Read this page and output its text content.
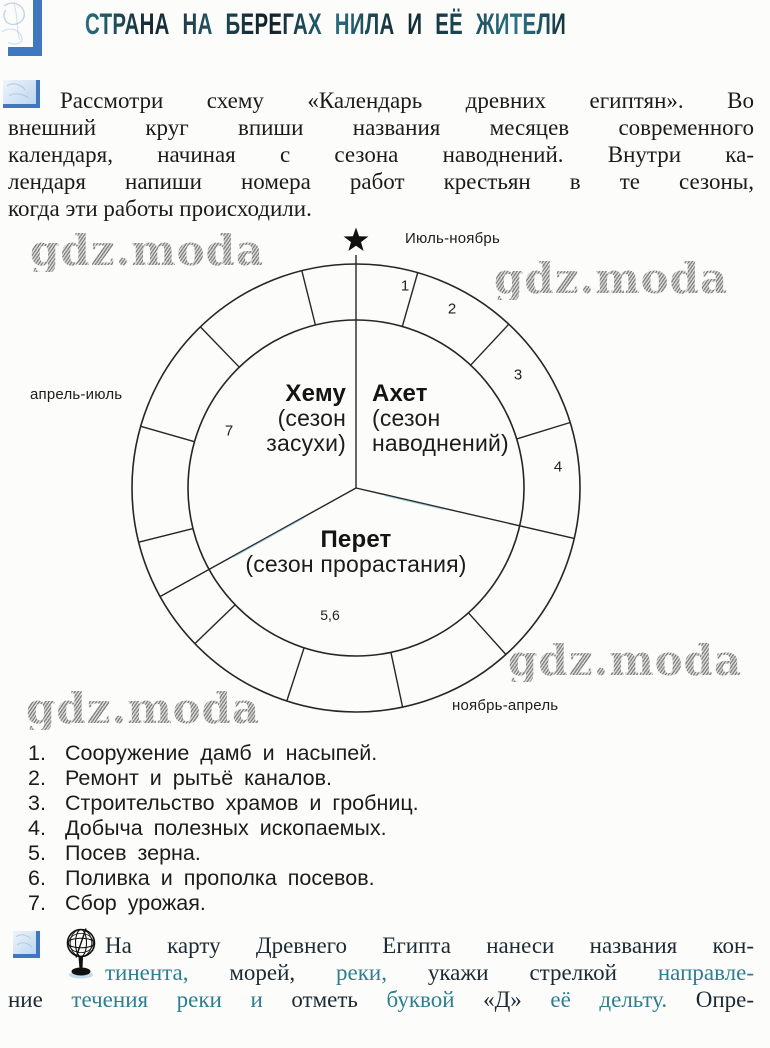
СТРАНА НА БЕРЕГАХ НИЛА И ЕЁ ЖИТЕЛИ
Рассмотри схему «Календарь древних египтян». Во
внешний круг впиши названия месяцев современного
календаря, начиная с сезона наводнений. Внутри ка-
лендаря напиши номера работ крестьян в те сезоны,
когда эти работы происходили.
Июль-ноябрь
апрель-июль
ноябрь-апрель
Хему
(сезон
засухи)
Ахет
(сезон
наводнений)
Перет
(сезон прорастания)
1
2
3
4
7
5,6
gdz.moda
gdz.moda
gdz.moda
gdz.moda
1. Сооружение дамб и насыпей.
2. Ремонт и рытьё каналов.
3. Строительство храмов и гробниц.
4. Добыча полезных ископаемых.
5. Посев зерна.
6. Поливка и прополка посевов.
7. Сбор урожая.
На карту Древнего Египта нанеси названия кон-
тинента, морей, реки, укажи стрелкой направле-
ние течения реки и отметь буквой «Д» её дельту. Опре-
